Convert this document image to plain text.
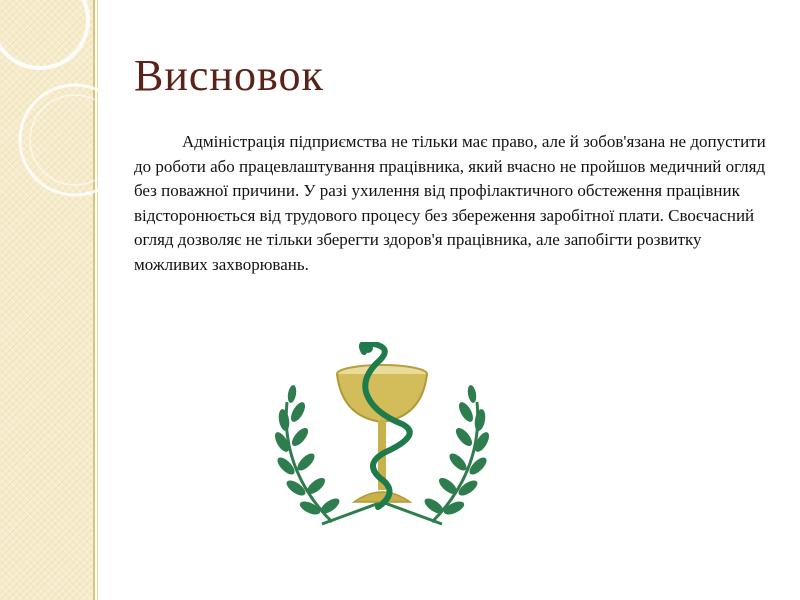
Висновок

Адміністрація підприємства не тільки має право, але й зобов'язана не допустити до роботи або працевлаштування працівника, який вчасно не пройшов медичний огляд без поважної причини. У разі ухилення від профілактичного обстеження працівник відсторонюється від трудового процесу без збереження заробітної плати. Своєчасний огляд дозволяє не тільки зберегти здоров'я працівника, але запобігти розвитку можливих захворювань.
